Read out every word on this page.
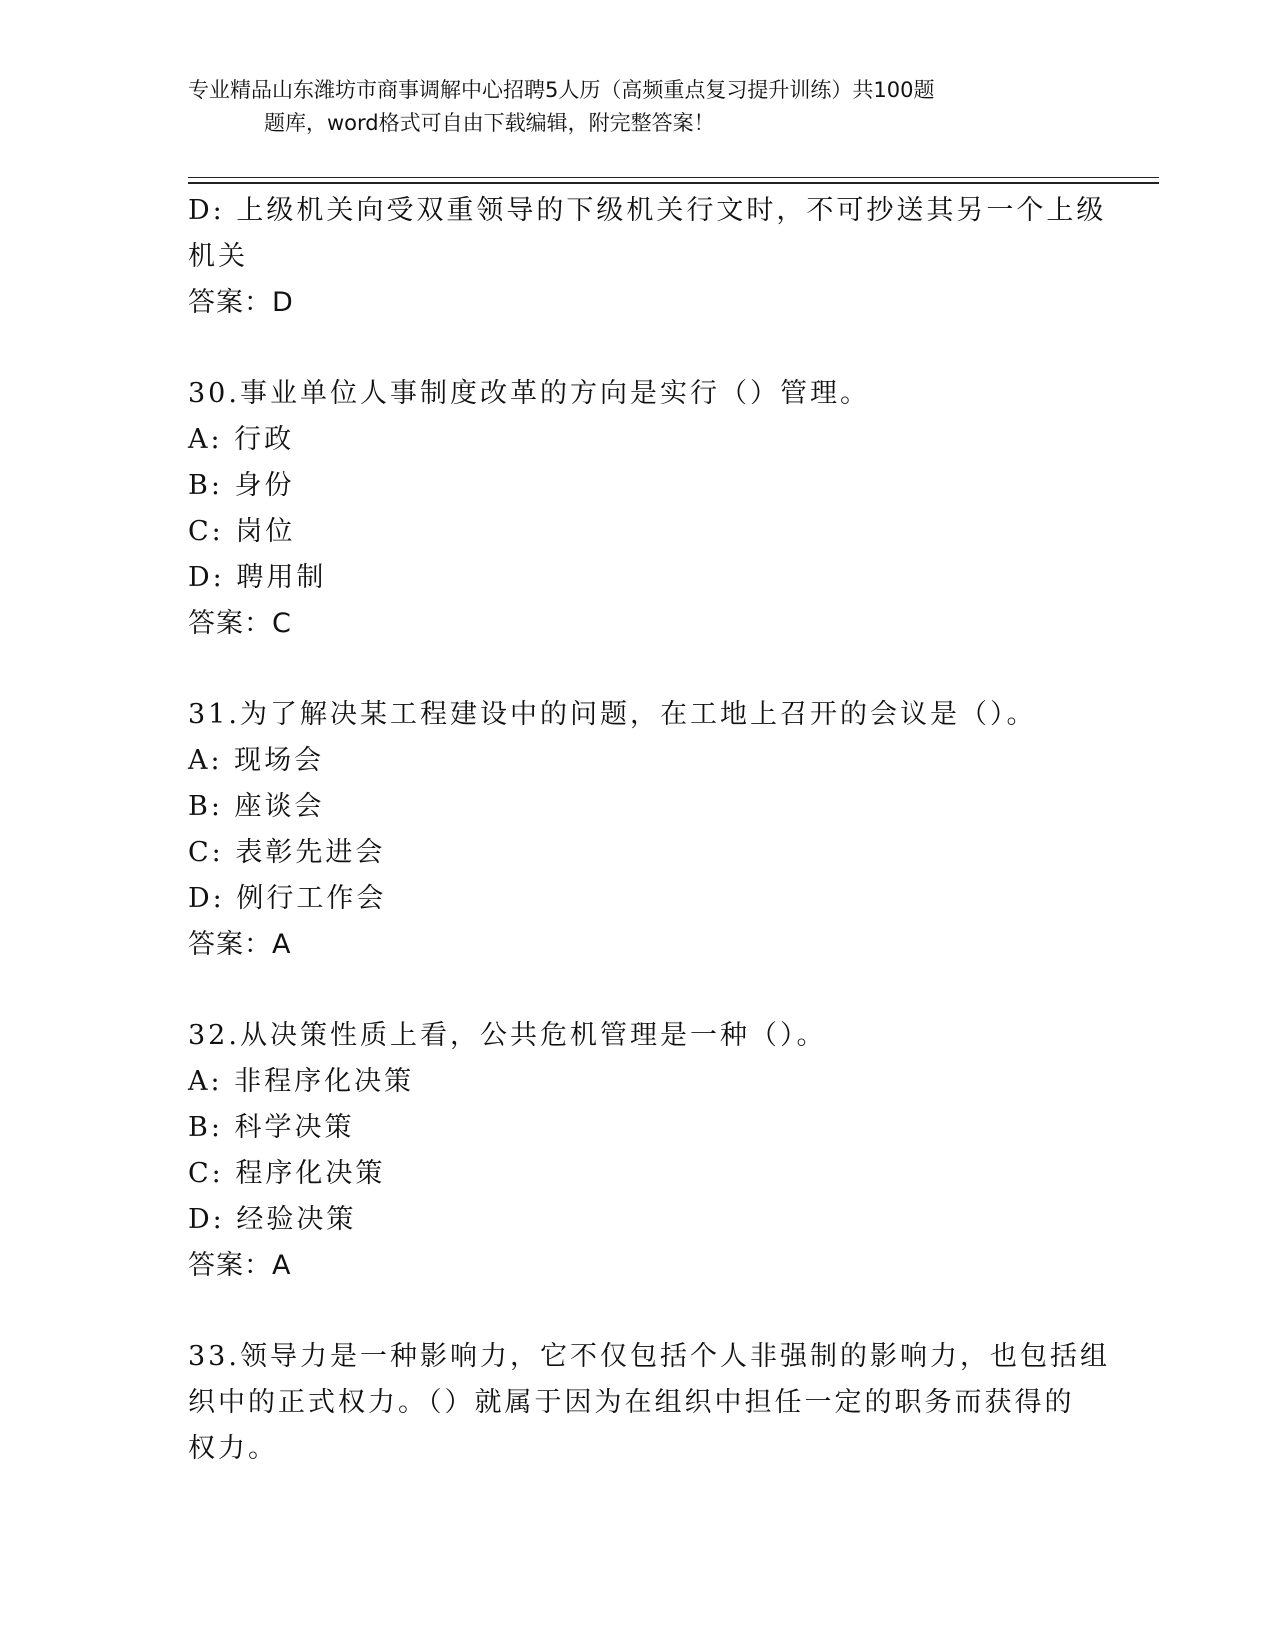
专业精品山东潍坊市商事调解中心招聘5人历（高频重点复习提升训练）共100题
题库，word格式可自由下载编辑，附完整答案！
D: 上级机关向受双重领导的下级机关行文时，不可抄送其另一个上级
机关
答案：D
30.事业单位人事制度改革的方向是实行（）管理。
A: 行政
B: 身份
C: 岗位
D: 聘用制
答案：C
31.为了解决某工程建设中的问题，在工地上召开的会议是（）。
A: 现场会
B: 座谈会
C: 表彰先进会
D: 例行工作会
答案：A
32.从决策性质上看，公共危机管理是一种（）。
A: 非程序化决策
B: 科学决策
C: 程序化决策
D: 经验决策
答案：A
33.领导力是一种影响力，它不仅包括个人非强制的影响力，也包括组
织中的正式权力。（）就属于因为在组织中担任一定的职务而获得的
权力。
